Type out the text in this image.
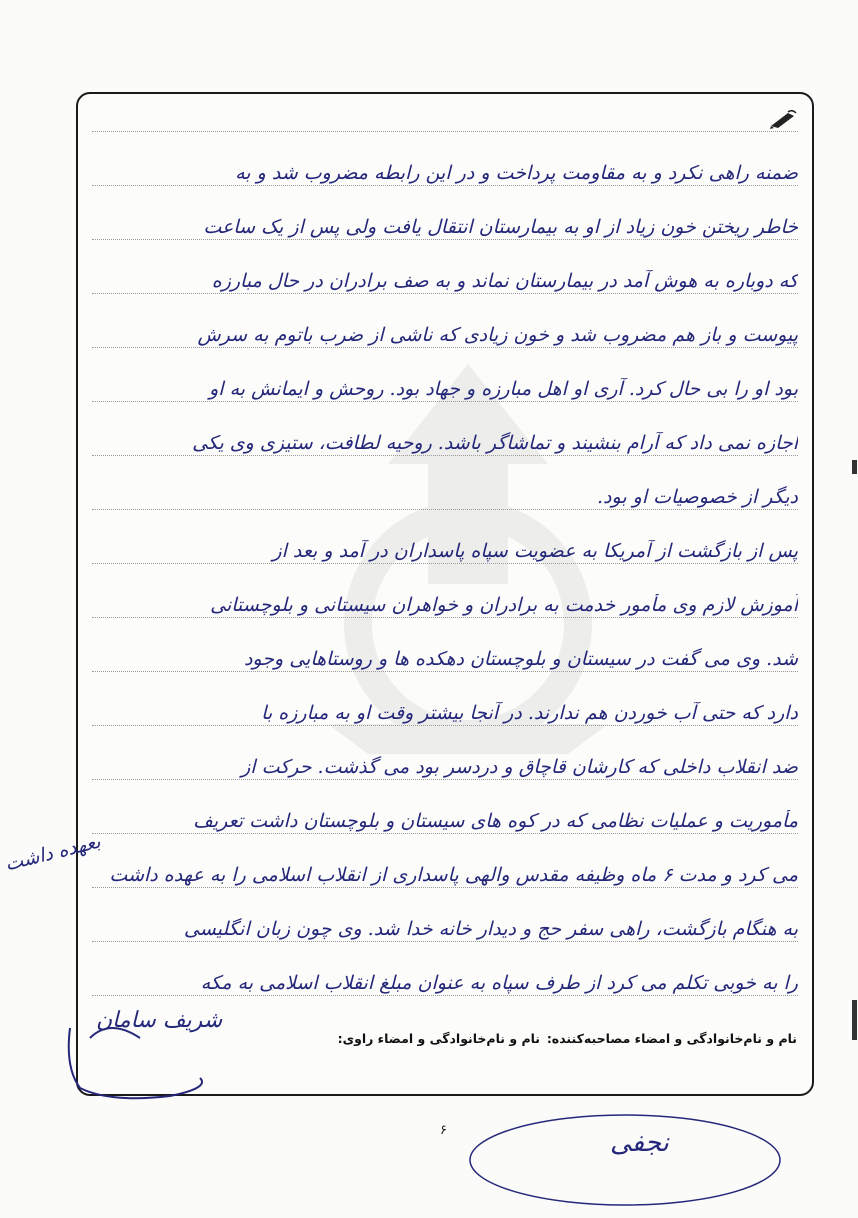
ضمنه راهی نکرد و به مقاومت پرداخت و در این رابطه مضروب شد و به
خاطر ریختن خون زیاد از او به بیمارستان انتقال یافت ولی پس از یک ساعت
که دوباره به هوش آمد در بیمارستان نماند و به صف برادران در حال مبارزه
پیوست و باز هم مضروب شد و خون زیادی که ناشی از ضرب باتوم به سرش
بود او را بی حال کرد. آری او اهل مبارزه و جهاد بود. روحش و ایمانش به او
اجازه نمی داد که آرام بنشیند و تماشاگر باشد. روحیه لطافت، ستیزی وی یکی
دیگر از خصوصیات او بود.
پس از بازگشت از آمریکا به عضویت سپاه پاسداران در آمد و بعد از
آموزش لازم وی مأمور خدمت به برادران و خواهران سیستانی و بلوچستانی
شد. وی می گفت در سیستان و بلوچستان دهکده ها و روستاهایی وجود
دارد که حتی آب خوردن هم ندارند. در آنجا بیشتر وقت او به مبارزه با
ضد انقلاب داخلی که کارشان قاچاق و دردسر بود می گذشت. حرکت از
مأموریت و عملیات نظامی که در کوه های سیستان و بلوچستان داشت تعریف
می کرد و مدت ۶ ماه وظیفه مقدس والهی پاسداری از انقلاب اسلامی را به عهده داشت
به هنگام بازگشت، راهی سفر حج و دیدار خانه خدا شد. وی چون زبان انگلیسی
را به خوبی تکلم می کرد از طرف سپاه به عنوان مبلغ انقلاب اسلامی به مکه
نام و نام‌خانوادگی و امضاء مصاحبه‌کننده:
نام و نام‌خانوادگی و امضاء راوی:
بعهده داشت
شریف سامان
نجفی
۶
